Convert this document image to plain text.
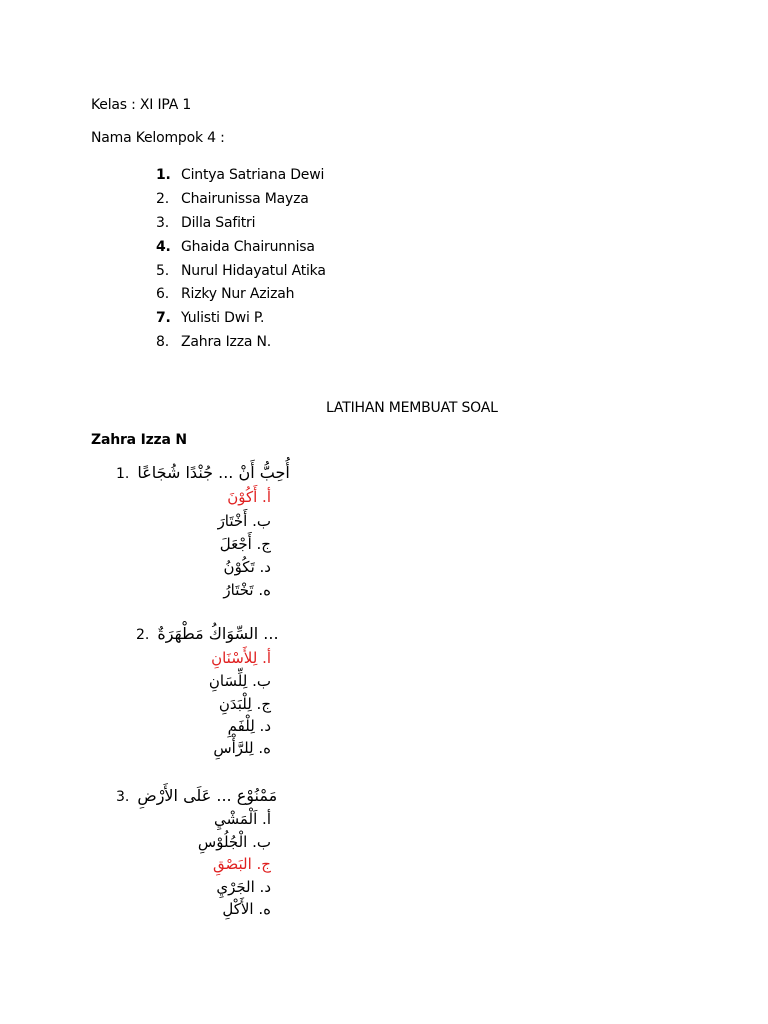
Kelas : XI IPA 1
Nama Kelompok 4 :
1. Cintya Satriana Dewi
2. Chairunissa Mayza
3. Dilla Safitri
4. Ghaida Chairunnisa
5. Nurul Hidayatul Atika
6. Rizky Nur Azizah
7. Yulisti Dwi P.
8. Zahra Izza N.
LATIHAN MEMBUAT SOAL
Zahra Izza N
1. أُحِبُّ أَنْ ... جُنْدًا شُجَاعًا
أ. أَكُوْنَ
ب. أَخْتَارَ
ج. أَجْعَلَ
د. تَكُوْنُ
ه. تَخْتَارُ
2. ... السِّوَاكُ مَطْهَرَةٌ
أ. لِلأَسْنَانِ
ب. لِلِّسَانِ
ج. لِلْبَدَنِ
د. لِلْفَمِ
ه. لِلرَّأْسِ
3. مَمْنُوْع ... عَلَى الأَرْضِ
أ. اَلْمَشْيِ
ب. الْجُلُوْسِ
ج. البَصْقِ
د. الجَرْيِ
ه. الأَكْلِ
